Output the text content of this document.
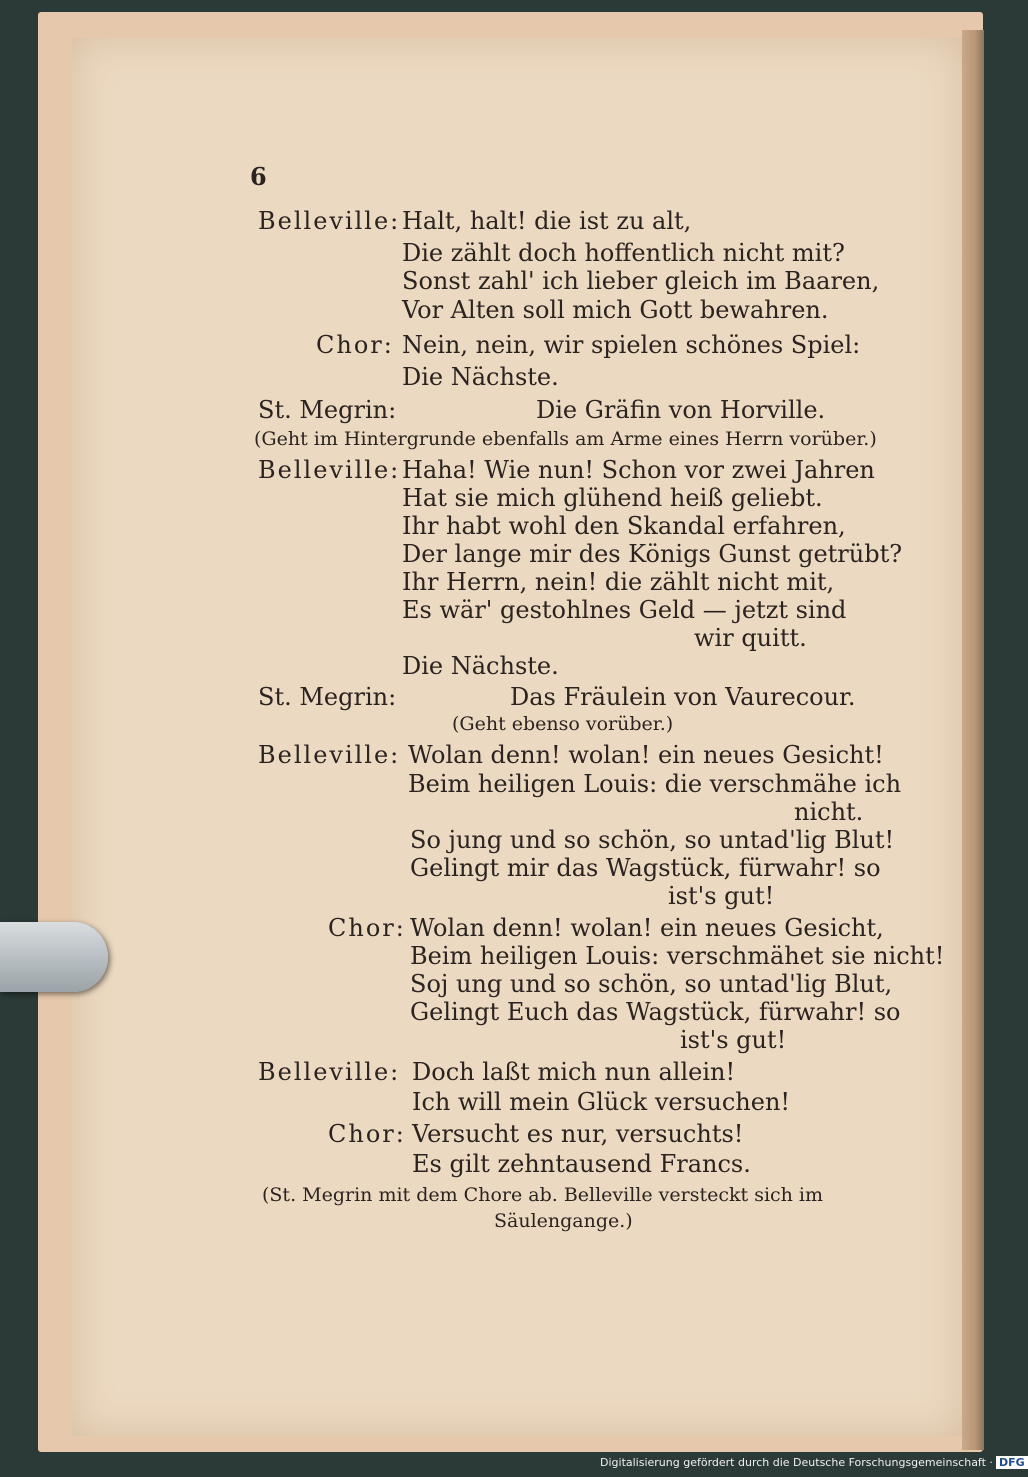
6
Belleville: Halt, halt! die ist zu alt,
Die zählt doch hoffentlich nicht mit?
Sonst zahl' ich lieber gleich im Baaren,
Vor Alten soll mich Gott bewahren.
Chor: Nein, nein, wir spielen schönes Spiel:
Die Nächste.
St. Megrin:	Die Gräfin von Horville.
(Geht im Hintergrunde ebenfalls am Arme eines Herrn vorüber.)
Belleville: Haha! Wie nun! Schon vor zwei Jahren
Hat sie mich glühend heiß geliebt.
Ihr habt wohl den Skandal erfahren,
Der lange mir des Königs Gunst getrübt?
Ihr Herrn, nein! die zählt nicht mit,
Es wär' gestohlnes Geld — jetzt sind
wir quitt.
Die Nächste.
St. Megrin:	Das Fräulein von Vaurecour.
(Geht ebenso vorüber.)
Belleville: Wolan denn! wolan! ein neues Gesicht!
Beim heiligen Louis: die verschmähe ich
nicht.
So jung und so schön, so untad'lig Blut!
Gelingt mir das Wagstück, fürwahr! so
ist's gut!
Chor: Wolan denn! wolan! ein neues Gesicht,
Beim heiligen Louis: verschmähet sie nicht!
Soj ung und so schön, so untad'lig Blut,
Gelingt Euch das Wagstück, fürwahr! so
ist's gut!
Belleville: Doch laßt mich nun allein!
Ich will mein Glück versuchen!
Chor: Versucht es nur, versuchts!
Es gilt zehntausend Francs.
(St. Megrin mit dem Chore ab. Belleville versteckt sich im
Säulengange.)
Digitalisierung gefördert durch die Deutsche Forschungsgemeinschaft · DFG
